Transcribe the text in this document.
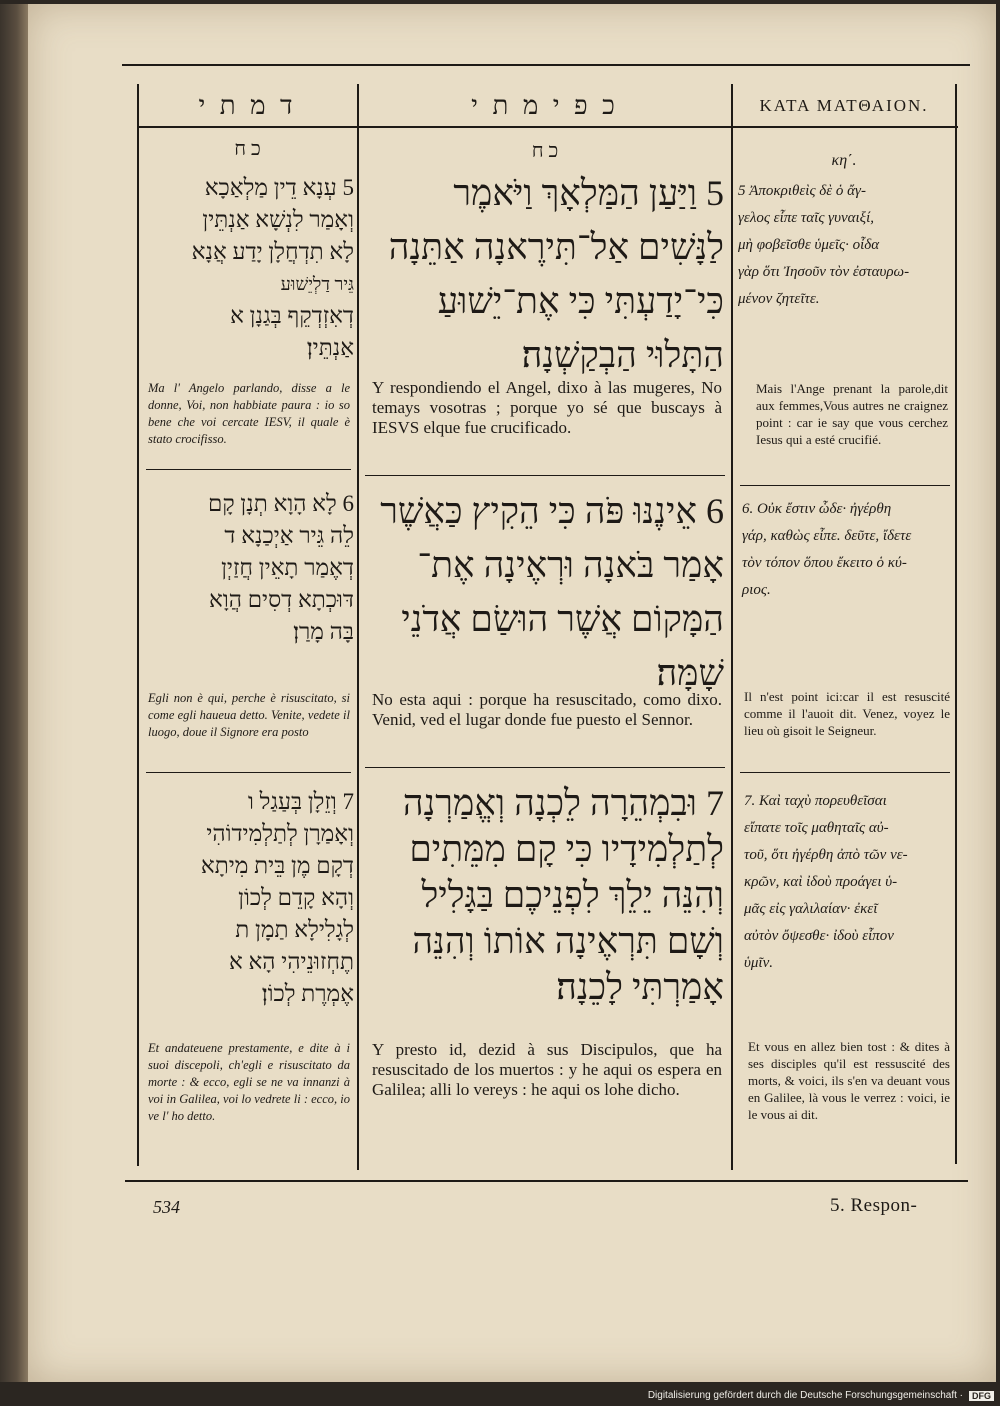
ד מ ת י	כ פ י מ ת י	ΚΑΤΑ ΜΑΤΘΑΙΟΝ.
כ ח	כ ח	κη΄.
5 עְנָא דֵין מַלְאַכָא
וְאָמַר לִנְשָׁא אַנְתֵּין
לָא תִדְחֲלָן יָדַע אֲנָא
גֵּיר דַלְיֵשׁוּע
דְאִזְדְקֵף בְּגַנָן א
אַנְתֵּין׃
5 וַיַּעַן הַמַּלְאָךְ וַיֹּאמֶר
לַנָּשִׁים אַל־תִּירֶאנָה אַתֵּנָה
כִּי־יָדַעְתִּי כִּי אֶת־יֵשׁוּעַ
הַתָּלוּי הַבְקַשְׁנָה׃
5 Ἀποκριθεὶς δὲ ὁ ἄγ-
γελος εἶπε ταῖς γυναιξί,
μὴ φοβεῖσθε ὑμεῖς· οἶδα
γὰρ ὅτι Ἰησοῦν τὸν ἐσταυρω-
μένον ζητεῖτε.
Ma l' Angelo parlando, disse a le donne, Voi, non habbiate paura : io so bene che voi cercate IESV, il quale è stato crocifisso.
Y respondiendo el Angel, dixo à las mugeres, No temays vosotras ; porque yo sé que buscays à IESVS elque fue crucificado.
Mais l'Ange prenant la parole,dit aux femmes,Vous autres ne craignez point : car ie say que vous cerchez Iesus qui a esté crucifié.
6 לָא הָוָא תְנָן קָם
לֵה גֵּיר אַיְכַנָא ד
דְאֶמַר תָאֵין חֲזַיְן
דּוּכְתָא דְסִים הֲוָא
בָּה מָרַן׃
6 אֵינֶנּוּ פֹּה כִּי הֵקִיץ כַּאֲשֶׁר
אָמַר בֹּאנָה וּרְאֶינָה אֶת־
הַמָּקוֹם אֲשֶׁר הוּשַׂם אֲדֹנֵי
שָׁמָּה׃
6. Οὐκ ἔστιν ὧδε· ἠγέρθη
γάρ, καθὼς εἶπε. δεῦτε, ἴδετε
τὸν τόπον ὅπου ἔκειτο ὁ κύ-
ριος.
Egli non è qui, perche è risuscitato, si come egli haueua detto. Venite, vedete il luogo, doue il Signore era posto
No esta aqui : porque ha resuscitado, como dixo. Venid, ved el lugar donde fue puesto el Sennor.
Il n'est point ici:car il est resuscité comme il l'auoit dit. Venez, voyez le lieu où gisoit le Seigneur.
7 וְזֵלָן בְּעַגַל ו
וְאָמַרָן לְתַלְמִידוֹהִי
דְקָם מֶן בֵּית מִיתָא
וְהָא קָדֵם לְכוֹן
לְגָלִילָא תַמָן ת
תֶחְזוּנֵיהִי הָא א
אֶמְרֶת לְכוֹן׃
7 וּבִמְהֵרָה לֵכְנָה וְאֱמַרְנָה
לְתַלְמִידָיו כִּי קָם מִמֵּתִים
וְהִנֵּה יֵלֵךְ לִפְנֵיכֶם בַּגָּלִיל
וְשָׁם תִּרְאֶינָה אוֹתוֹ וְהִנֵּה
אָמַרְתִּי לָכֵנָה׃
7. Καὶ ταχὺ πορευθεῖσαι
εἴπατε τοῖς μαθηταῖς αὐ-
τοῦ, ὅτι ἠγέρθη ἀπὸ τῶν νε-
κρῶν, καὶ ἰδοὺ προάγει ὑ-
μᾶς εἰς γαλιλαίαν· ἐκεῖ
αὐτὸν ὄψεσθε· ἰδοὺ εἶπον
ὑμῖν.
Et andateuene prestamente, e dite à i suoi discepoli, ch'egli e risuscitato da morte : & ecco, egli se ne va innanzi à voi in Galilea, voi lo vedrete li : ecco, io ve l' ho detto.
Y presto id, dezid à sus Discipulos, que ha resuscitado de los muertos : y he aqui os espera en Galilea; alli lo vereys : he aqui os lohe dicho.
Et vous en allez bien tost : & dites à ses disciples qu'il est ressuscité des morts, & voici, ils s'en va deuant vous en Galilee, là vous le verrez : voici, ie le vous ai dit.
534	5. Respon-
Digitalisierung gefördert durch die Deutsche Forschungsgemeinschaft ·	DFG
